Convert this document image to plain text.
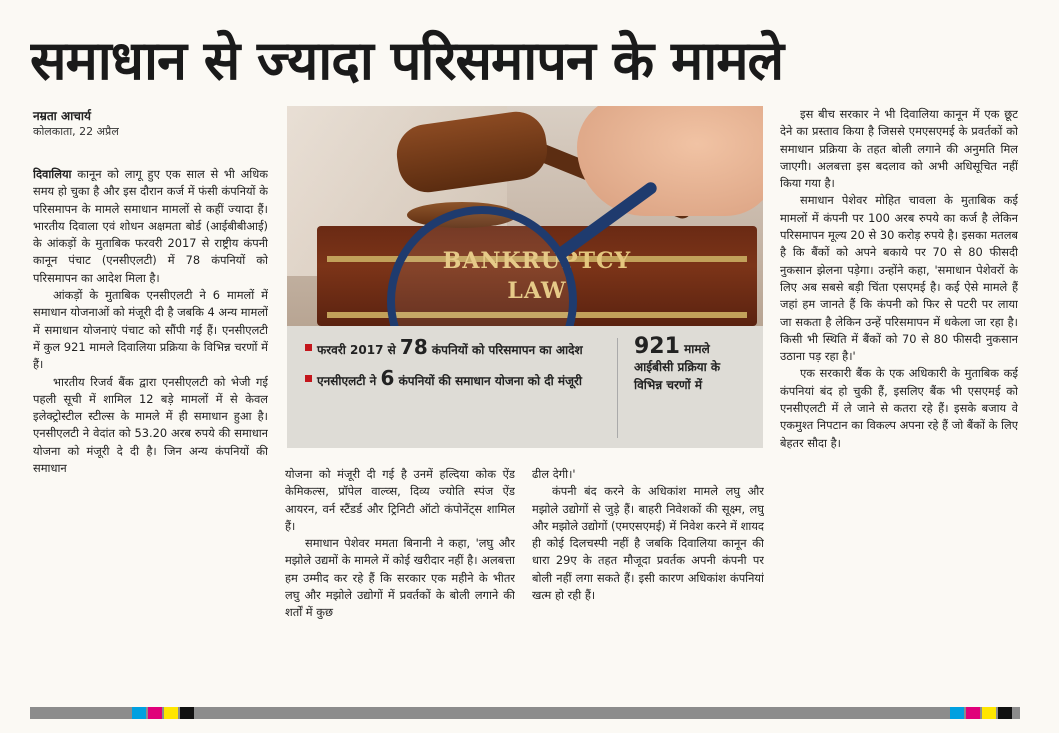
समाधान से ज्यादा परिसमापन के मामले
नम्रता आचार्य
कोलकाता, 22 अप्रैल

दिवालिया कानून को लागू हुए एक साल से भी अधिक समय हो चुका है और इस दौरान कर्ज में फंसी कंपनियों के परिसमापन के मामले समाधान मामलों से कहीं ज्यादा हैं। भारतीय दिवाला एवं शोधन अक्षमता बोर्ड (आईबीबीआई) के आंकड़ों के मुताबिक फरवरी 2017 से राष्ट्रीय कंपनी कानून पंचाट (एनसीएलटी) में 78 कंपनियों को परिसमापन का आदेश मिला है।

आंकड़ों के मुताबिक एनसीएलटी ने 6 मामलों में समाधान योजनाओं को मंजूरी दी है जबकि 4 अन्य मामलों में समाधान योजनाएं पंचाट को सौंपी गई हैं। एनसीएलटी में कुल 921 मामले दिवालिया प्रक्रिया के विभिन्न चरणों में हैं।

भारतीय रिजर्व बैंक द्वारा एनसीएलटी को भेजी गई पहली सूची में शामिल 12 बड़े मामलों में से केवल इलेक्ट्रोस्टील स्टील्स के मामले में ही समाधान हुआ है। एनसीएलटी ने वेदांत को 53.20 अरब रुपये की समाधान योजना को मंजूरी दे दी है। जिन अन्य कंपनियों की समाधान

BANKRUPTCY
LAW
फरवरी 2017 से 78 कंपनियों को परिसमापन का आदेश
एनसीएलटी ने 6 कंपनियों की समाधान योजना को दी मंजूरी
921 मामले आईबीसी प्रक्रिया के विभिन्न चरणों में

योजना को मंजूरी दी गई है उनमें हल्दिया कोक ऐंड केमिकल्स, प्रॉपेल वाल्व्स, दिव्य ज्योति स्पंज ऐंड आयरन, वर्न स्टैंडर्ड और ट्रिनिटी ऑटो कंपोनेंट्स शामिल हैं।

समाधान पेशेवर ममता बिनानी ने कहा, 'लघु और मझोले उद्यमों के मामले में कोई खरीदार नहीं है। अलबत्ता हम उम्मीद कर रहे हैं कि सरकार एक महीने के भीतर लघु और मझोले उद्योगों में प्रवर्तकों के बोली लगाने की शर्तों में कुछ

ढील देगी।'

कंपनी बंद करने के अधिकांश मामले लघु और मझोले उद्योगों से जुड़े हैं। बाहरी निवेशकों की सूक्ष्म, लघु और मझोले उद्योगों (एमएसएमई) में निवेश करने में शायद ही कोई दिलचस्पी नहीं है जबकि दिवालिया कानून की धारा 29ए के तहत मौजूदा प्रवर्तक अपनी कंपनी पर बोली नहीं लगा सकते हैं। इसी कारण अधिकांश कंपनियां खत्म हो रही हैं।

इस बीच सरकार ने भी दिवालिया कानून में एक छूट देने का प्रस्ताव किया है जिससे एमएसएमई के प्रवर्तकों को समाधान प्रक्रिया के तहत बोली लगाने की अनुमति मिल जाएगी। अलबत्ता इस बदलाव को अभी अधिसूचित नहीं किया गया है।

समाधान पेशेवर मोहित चावला के मुताबिक कई मामलों में कंपनी पर 100 अरब रुपये का कर्ज है लेकिन परिसमापन मूल्य 20 से 30 करोड़ रुपये है। इसका मतलब है कि बैंकों को अपने बकाये पर 70 से 80 फीसदी नुकसान झेलना पड़ेगा। उन्होंने कहा, 'समाधान पेशेवरों के लिए अब सबसे बड़ी चिंता एसएमई है। कई ऐसे मामले हैं जहां हम जानते हैं कि कंपनी को फिर से पटरी पर लाया जा सकता है लेकिन उन्हें परिसमापन में धकेला जा रहा है। किसी भी स्थिति में बैंकों को 70 से 80 फीसदी नुकसान उठाना पड़ रहा है।'

एक सरकारी बैंक के एक अधिकारी के मुताबिक कई कंपनियां बंद हो चुकी हैं, इसलिए बैंक भी एसएमई को एनसीएलटी में ले जाने से कतरा रहे हैं। इसके बजाय वे एकमुश्त निपटान का विकल्प अपना रहे हैं जो बैंकों के लिए बेहतर सौदा है।
